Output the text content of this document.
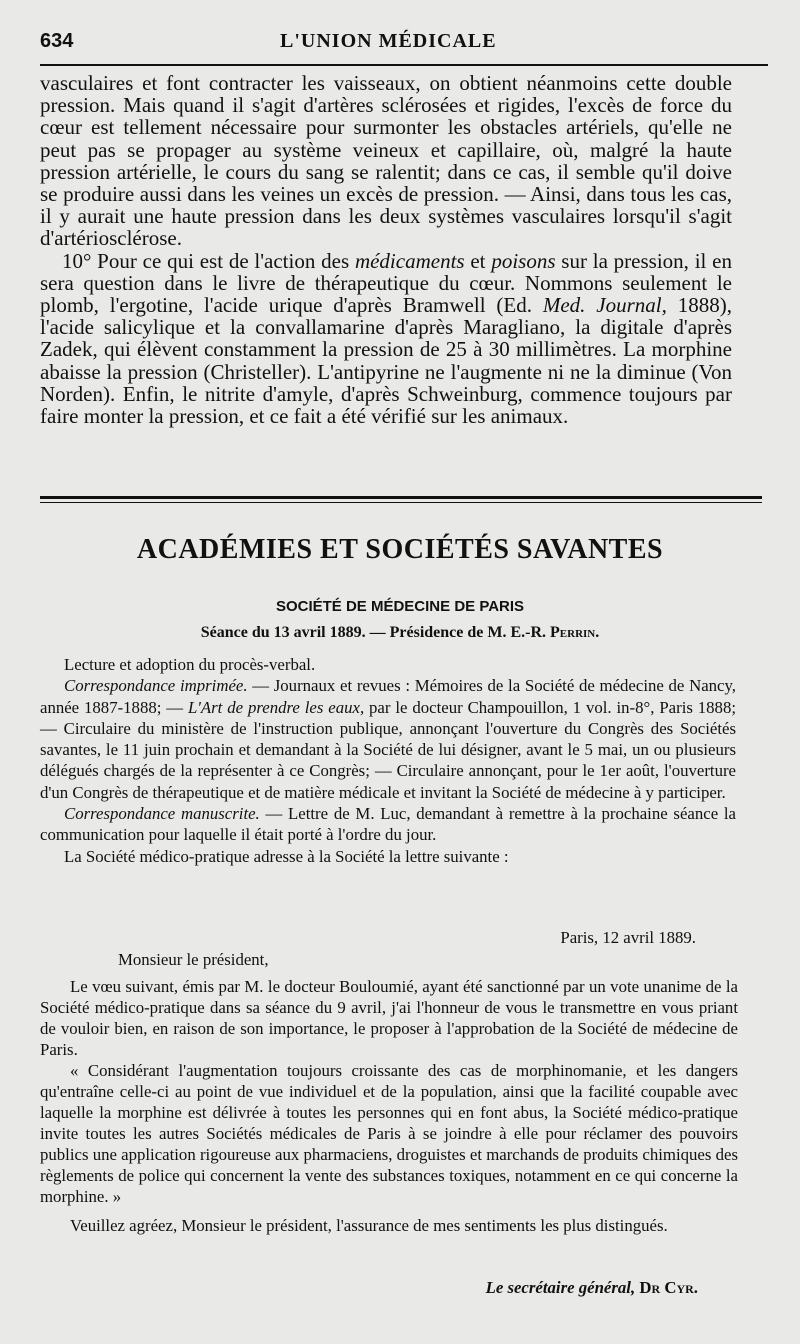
634	L'UNION MÉDICALE

vasculaires et font contracter les vaisseaux, on obtient néanmoins cette double pression. Mais quand il s'agit d'artères sclérosées et rigides, l'excès de force du cœur est tellement nécessaire pour surmonter les obstacles artériels, qu'elle ne peut pas se propager au système veineux et capillaire, où, malgré la haute pression artérielle, le cours du sang se ralentit; dans ce cas, il semble qu'il doive se produire aussi dans les veines un excès de pression. — Ainsi, dans tous les cas, il y aurait une haute pression dans les deux systèmes vasculaires lorsqu'il s'agit d'artériosclérose.

10° Pour ce qui est de l'action des médicaments et poisons sur la pression, il en sera question dans le livre de thérapeutique du cœur. Nommons seulement le plomb, l'ergotine, l'acide urique d'après Bramwell (Ed. Med. Journal, 1888), l'acide salicylique et la convallamarine d'après Maragliano, la digitale d'après Zadek, qui élèvent constamment la pression de 25 à 30 millimètres. La morphine abaisse la pression (Christeller). L'antipyrine ne l'augmente ni ne la diminue (Von Norden). Enfin, le nitrite d'amyle, d'après Schweinburg, commence toujours par faire monter la pression, et ce fait a été vérifié sur les animaux.

ACADÉMIES ET SOCIÉTÉS SAVANTES
SOCIÉTÉ DE MÉDECINE DE PARIS
Séance du 13 avril 1889. — Présidence de M. E.-R. Perrin.

Lecture et adoption du procès-verbal.

Correspondance imprimée. — Journaux et revues : Mémoires de la Société de médecine de Nancy, année 1887-1888; — L'Art de prendre les eaux, par le docteur Champouillon, 1 vol. in-8°, Paris 1888; — Circulaire du ministère de l'instruction publique, annonçant l'ouverture du Congrès des Sociétés savantes, le 11 juin prochain et demandant à la Société de lui désigner, avant le 5 mai, un ou plusieurs délégués chargés de la représenter à ce Congrès; — Circulaire annonçant, pour le 1er août, l'ouverture d'un Congrès de thérapeutique et de matière médicale et invitant la Société de médecine à y participer.

Correspondance manuscrite. — Lettre de M. Luc, demandant à remettre à la prochaine séance la communication pour laquelle il était porté à l'ordre du jour.

La Société médico-pratique adresse à la Société la lettre suivante :

Paris, 12 avril 1889.
Monsieur le président,

Le vœu suivant, émis par M. le docteur Bouloumié, ayant été sanctionné par un vote unanime de la Société médico-pratique dans sa séance du 9 avril, j'ai l'honneur de vous le transmettre en vous priant de vouloir bien, en raison de son importance, le proposer à l'approbation de la Société de médecine de Paris.

« Considérant l'augmentation toujours croissante des cas de morphinomanie, et les dangers qu'entraîne celle-ci au point de vue individuel et de la population, ainsi que la facilité coupable avec laquelle la morphine est délivrée à toutes les personnes qui en font abus, la Société médico-pratique invite toutes les autres Sociétés médicales de Paris à se joindre à elle pour réclamer des pouvoirs publics une application rigoureuse aux pharmaciens, droguistes et marchands de produits chimiques des règlements de police qui concernent la vente des substances toxiques, notamment en ce qui concerne la morphine. »

Veuillez agréez, Monsieur le président, l'assurance de mes sentiments les plus distingués.

Le secrétaire général, Dr Cyr.
